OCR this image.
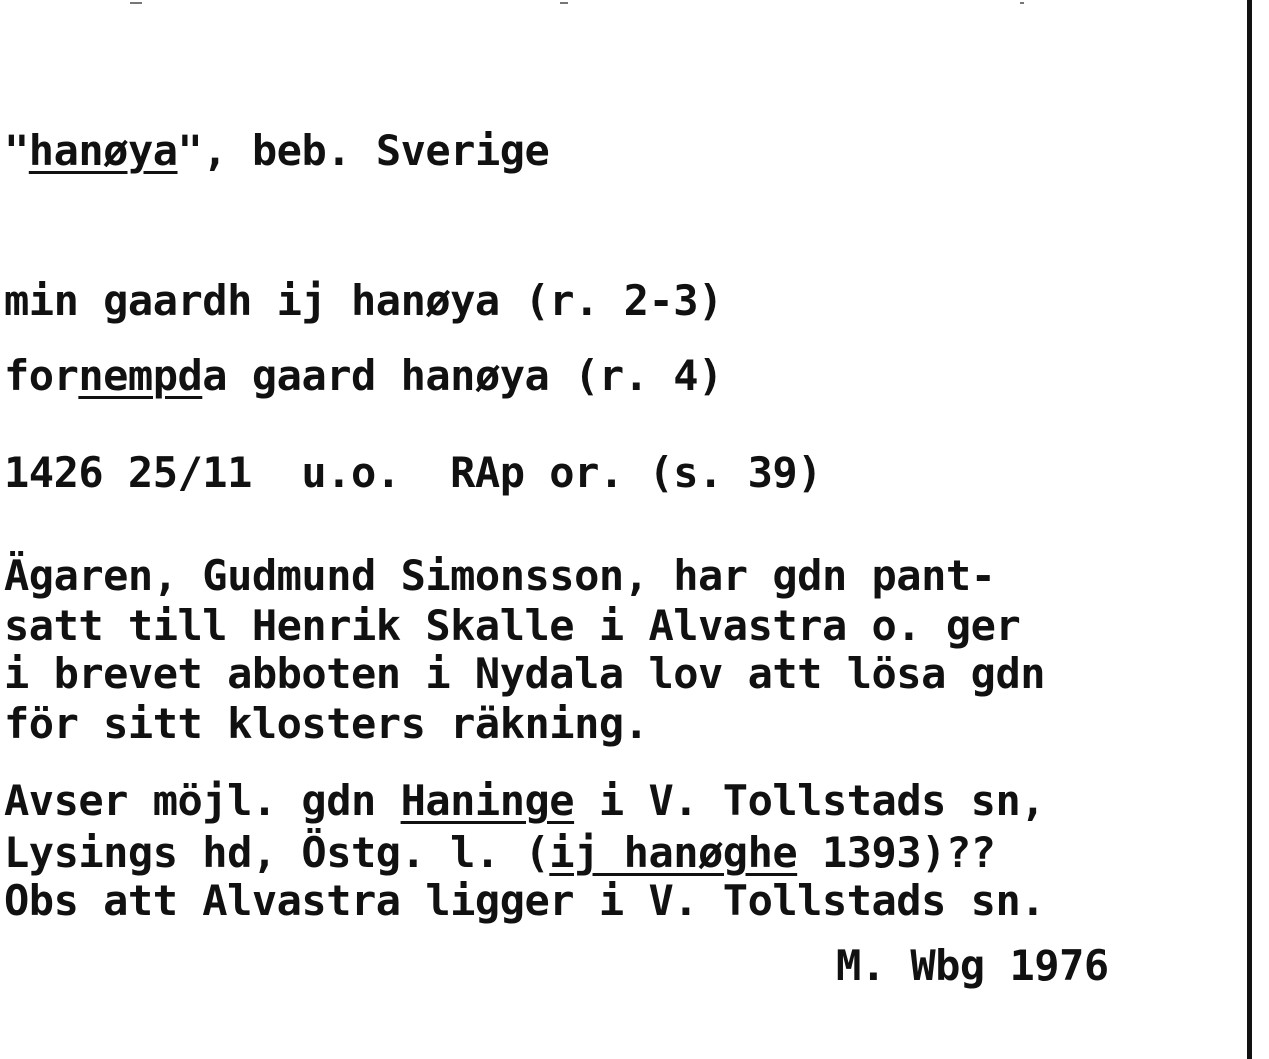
"hanøya", beb. Sverige
min gaardh ij hanøya (r. 2-3)
fornempda gaard hanøya (r. 4)
1426 25/11  u.o.  RAp or. (s. 39)
Ägaren, Gudmund Simonsson, har gdn pant-
satt till Henrik Skalle i Alvastra o. ger
i brevet abboten i Nydala lov att lösa gdn
för sitt klosters räkning.
Avser möjl. gdn Haninge i V. Tollstads sn,
Lysings hd, Östg. l. (ij hanøghe 1393)??
Obs att Alvastra ligger i V. Tollstads sn.
M. Wbg 1976
